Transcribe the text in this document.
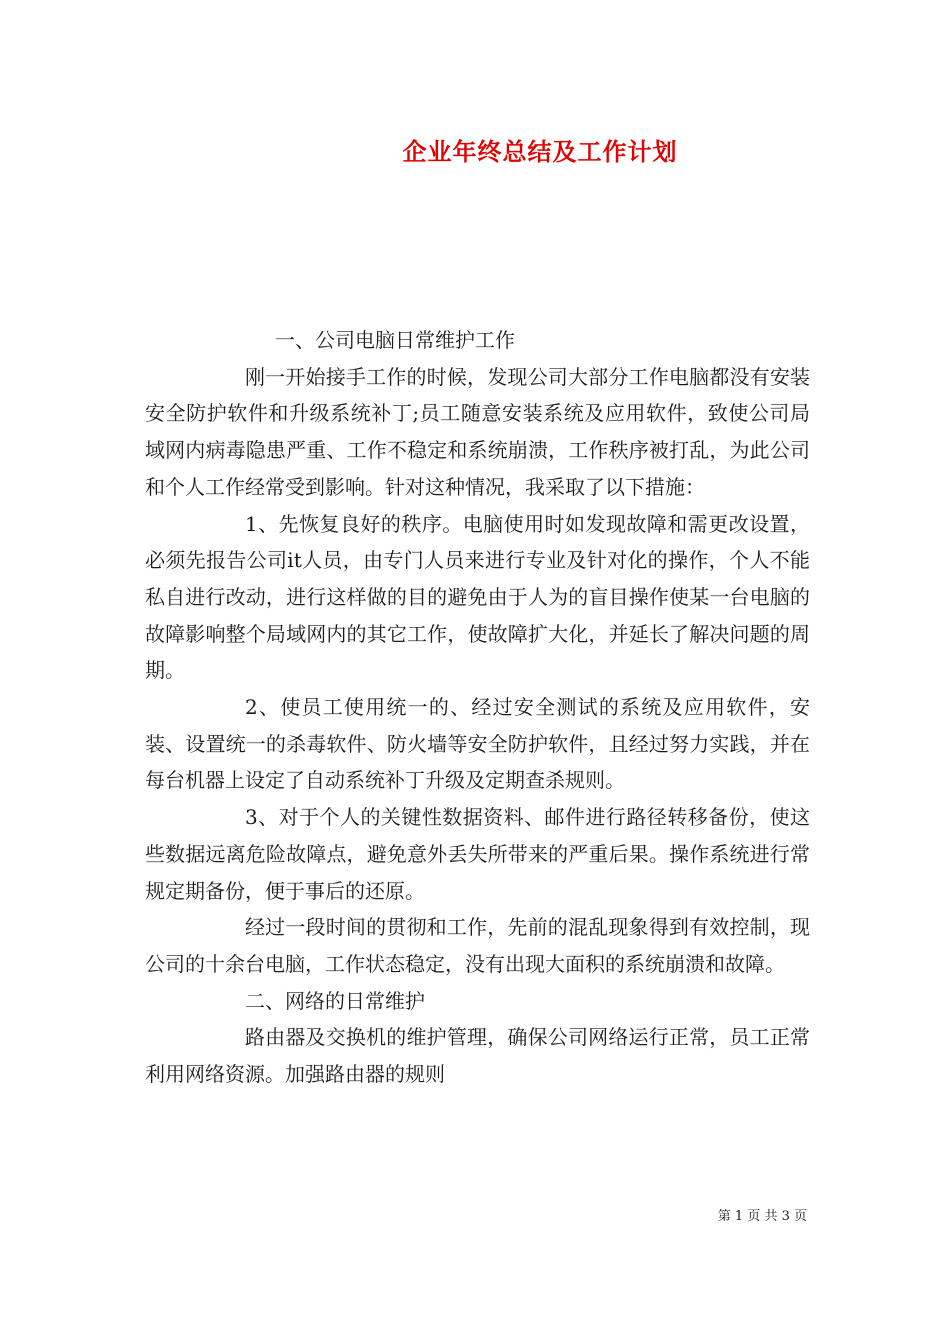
企业年终总结及工作计划

一、公司电脑日常维护工作

刚一开始接手工作的时候，发现公司大部分工作电脑都没有安装安全防护软件和升级系统补丁;员工随意安装系统及应用软件，致使公司局域网内病毒隐患严重、工作不稳定和系统崩溃，工作秩序被打乱，为此公司和个人工作经常受到影响。针对这种情况，我采取了以下措施：

1、先恢复良好的秩序。电脑使用时如发现故障和需更改设置，必须先报告公司it人员，由专门人员来进行专业及针对化的操作，个人不能私自进行改动，进行这样做的目的避免由于人为的盲目操作使某一台电脑的故障影响整个局域网内的其它工作，使故障扩大化，并延长了解决问题的周期。

2、使员工使用统一的、经过安全测试的系统及应用软件，安装、设置统一的杀毒软件、防火墙等安全防护软件，且经过努力实践，并在每台机器上设定了自动系统补丁升级及定期查杀规则。

3、对于个人的关键性数据资料、邮件进行路径转移备份，使这些数据远离危险故障点，避免意外丢失所带来的严重后果。操作系统进行常规定期备份，便于事后的还原。

经过一段时间的贯彻和工作，先前的混乱现象得到有效控制，现公司的十余台电脑，工作状态稳定，没有出现大面积的系统崩溃和故障。

二、网络的日常维护

路由器及交换机的维护管理，确保公司网络运行正常，员工正常利用网络资源。加强路由器的规则

第 1 页 共 3 页
